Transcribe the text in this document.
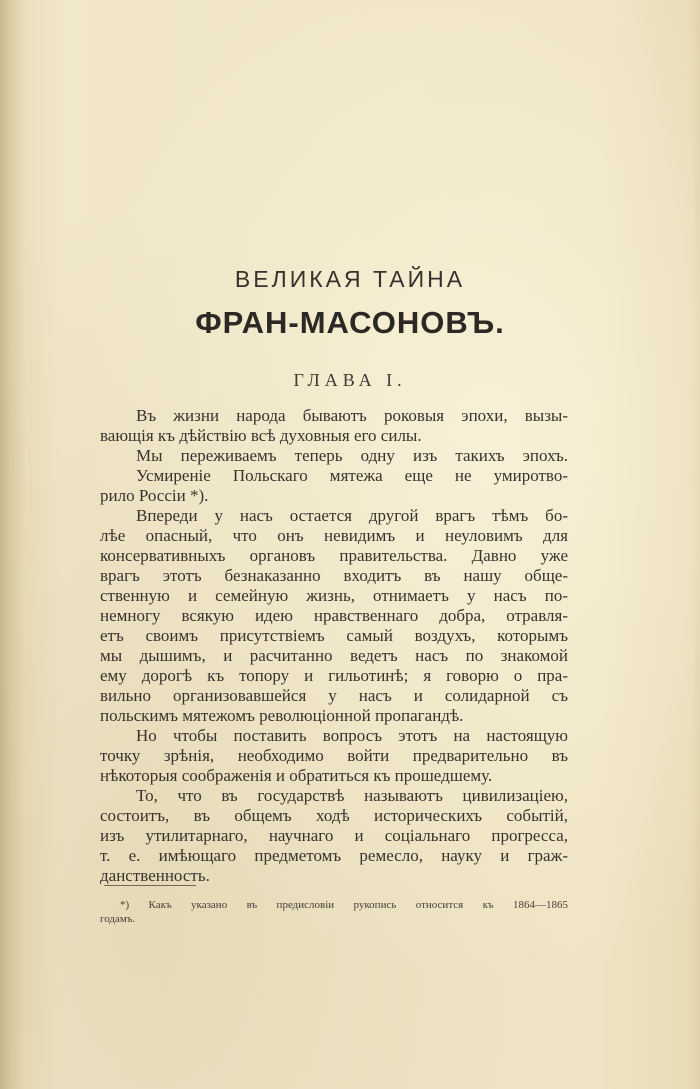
ВЕЛИКАЯ ТАЙНА
ФРАН-МАСОНОВЪ.
ГЛАВА I.
Въ жизни народа бываютъ роковыя эпохи, вызы-
вающія къ дѣйствію всѣ духовныя его силы.
Мы переживаемъ теперь одну изъ такихъ эпохъ.
Усмиреніе Польскаго мятежа еще не умиротво-
рило Россіи *).
Впереди у насъ остается другой врагъ тѣмъ бо-
лѣе опасный, что онъ невидимъ и неуловимъ для
консервативныхъ органовъ правительства. Давно уже
врагъ этотъ безнаказанно входитъ въ нашу обще-
ственную и семейную жизнь, отнимаетъ у насъ по-
немногу всякую идею нравственнаго добра, отравля-
етъ своимъ присутствіемъ самый воздухъ, которымъ
мы дышимъ, и расчитанно ведетъ насъ по знакомой
ему дорогѣ къ топору и гильотинѣ; я говорю о пра-
вильно организовавшейся у насъ и солидарной съ
польскимъ мятежомъ революціонной пропагандѣ.
Но чтобы поставить вопросъ этотъ на настоящую
точку зрѣнія, необходимо войти предварительно въ
нѣкоторыя соображенія и обратиться къ прошедшему.
То, что въ государствѣ называютъ цивилизаціею,
состоитъ, въ общемъ ходѣ историческихъ событій,
изъ утилитарнаго, научнаго и соціальнаго прогресса,
т. е. имѣющаго предметомъ ремесло, науку и граж-
данственность.
*) Какъ указано въ предисловіи рукопись относится къ 1864—1865
годамъ.
